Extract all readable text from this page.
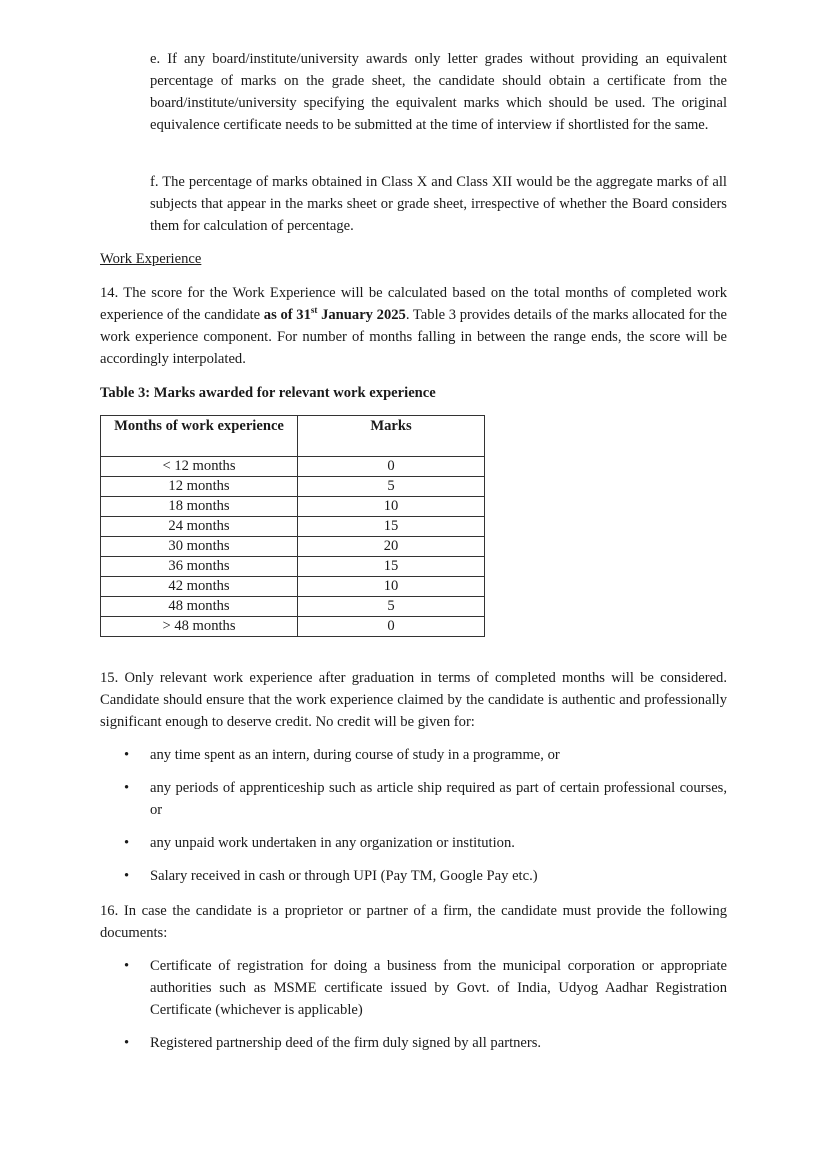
e. If any board/institute/university awards only letter grades without providing an equivalent percentage of marks on the grade sheet, the candidate should obtain a certificate from the board/institute/university specifying the equivalent marks which should be used. The original equivalence certificate needs to be submitted at the time of interview if shortlisted for the same.

f. The percentage of marks obtained in Class X and Class XII would be the aggregate marks of all subjects that appear in the marks sheet or grade sheet, irrespective of whether the Board considers them for calculation of percentage.

Work Experience

14. The score for the Work Experience will be calculated based on the total months of completed work experience of the candidate as of 31st January 2025. Table 3 provides details of the marks allocated for the work experience component. For number of months falling in between the range ends, the score will be accordingly interpolated.

Table 3: Marks awarded for relevant work experience

Months of work experience	Marks
< 12 months	0
12 months	5
18 months	10
24 months	15
30 months	20
36 months	15
42 months	10
48 months	5
> 48 months	0

15. Only relevant work experience after graduation in terms of completed months will be considered. Candidate should ensure that the work experience claimed by the candidate is authentic and professionally significant enough to deserve credit. No credit will be given for:

• any time spent as an intern, during course of study in a programme, or
• any periods of apprenticeship such as article ship required as part of certain professional courses, or
• any unpaid work undertaken in any organization or institution.
• Salary received in cash or through UPI (Pay TM, Google Pay etc.)

16. In case the candidate is a proprietor or partner of a firm, the candidate must provide the following documents:

• Certificate of registration for doing a business from the municipal corporation or appropriate authorities such as MSME certificate issued by Govt. of India, Udyog Aadhar Registration Certificate (whichever is applicable)
• Registered partnership deed of the firm duly signed by all partners.
